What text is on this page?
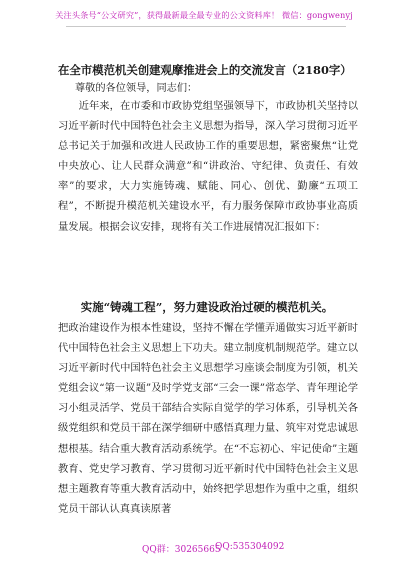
关注头条号“公文研究”，获得最新最全最专业的公文资料库！ 微信：gongwenyj
在全市模范机关创建观摩推进会上的交流发言（2180字）
尊敬的各位领导，同志们：
近年来，在市委和市政协党组坚强领导下，市政协机关坚持以习近平新时代中国特色社会主义思想为指导，深入学习贯彻习近平总书记关于加强和改进人民政协工作的重要思想，紧密聚焦“让党中央放心、让人民群众满意”和“讲政治、守纪律、负责任、有效率”的要求，大力实施铸魂、赋能、同心、创优、勤廉“五项工程”，不断提升模范机关建设水平，有力服务保障市政协事业高质量发展。根据会议安排，现将有关工作进展情况汇报如下：
实施“铸魂工程”，努力建设政治过硬的模范机关。
把政治建设作为根本性建设，坚持不懈在学懂弄通做实习近平新时代中国特色社会主义思想上下功夫。建立制度机制规范学。建立以习近平新时代中国特色社会主义思想学习座谈会制度为引领，机关党组会议“第一议题”及时学党支部“三会一课”常态学、青年理论学习小组灵活学、党员干部结合实际自觉学的学习体系，引导机关各级党组织和党员干部在深学细研中感悟真理力量、筑牢对党忠诚思想根基。结合重大教育活动系统学。在“不忘初心、牢记使命”主题教育、党史学习教育、学习贯彻习近平新时代中国特色社会主义思想主题教育等重大教育活动中，始终把学思想作为重中之重，组织党员干部认认真真读原著
QQ群：30265665
QQ:535304092
